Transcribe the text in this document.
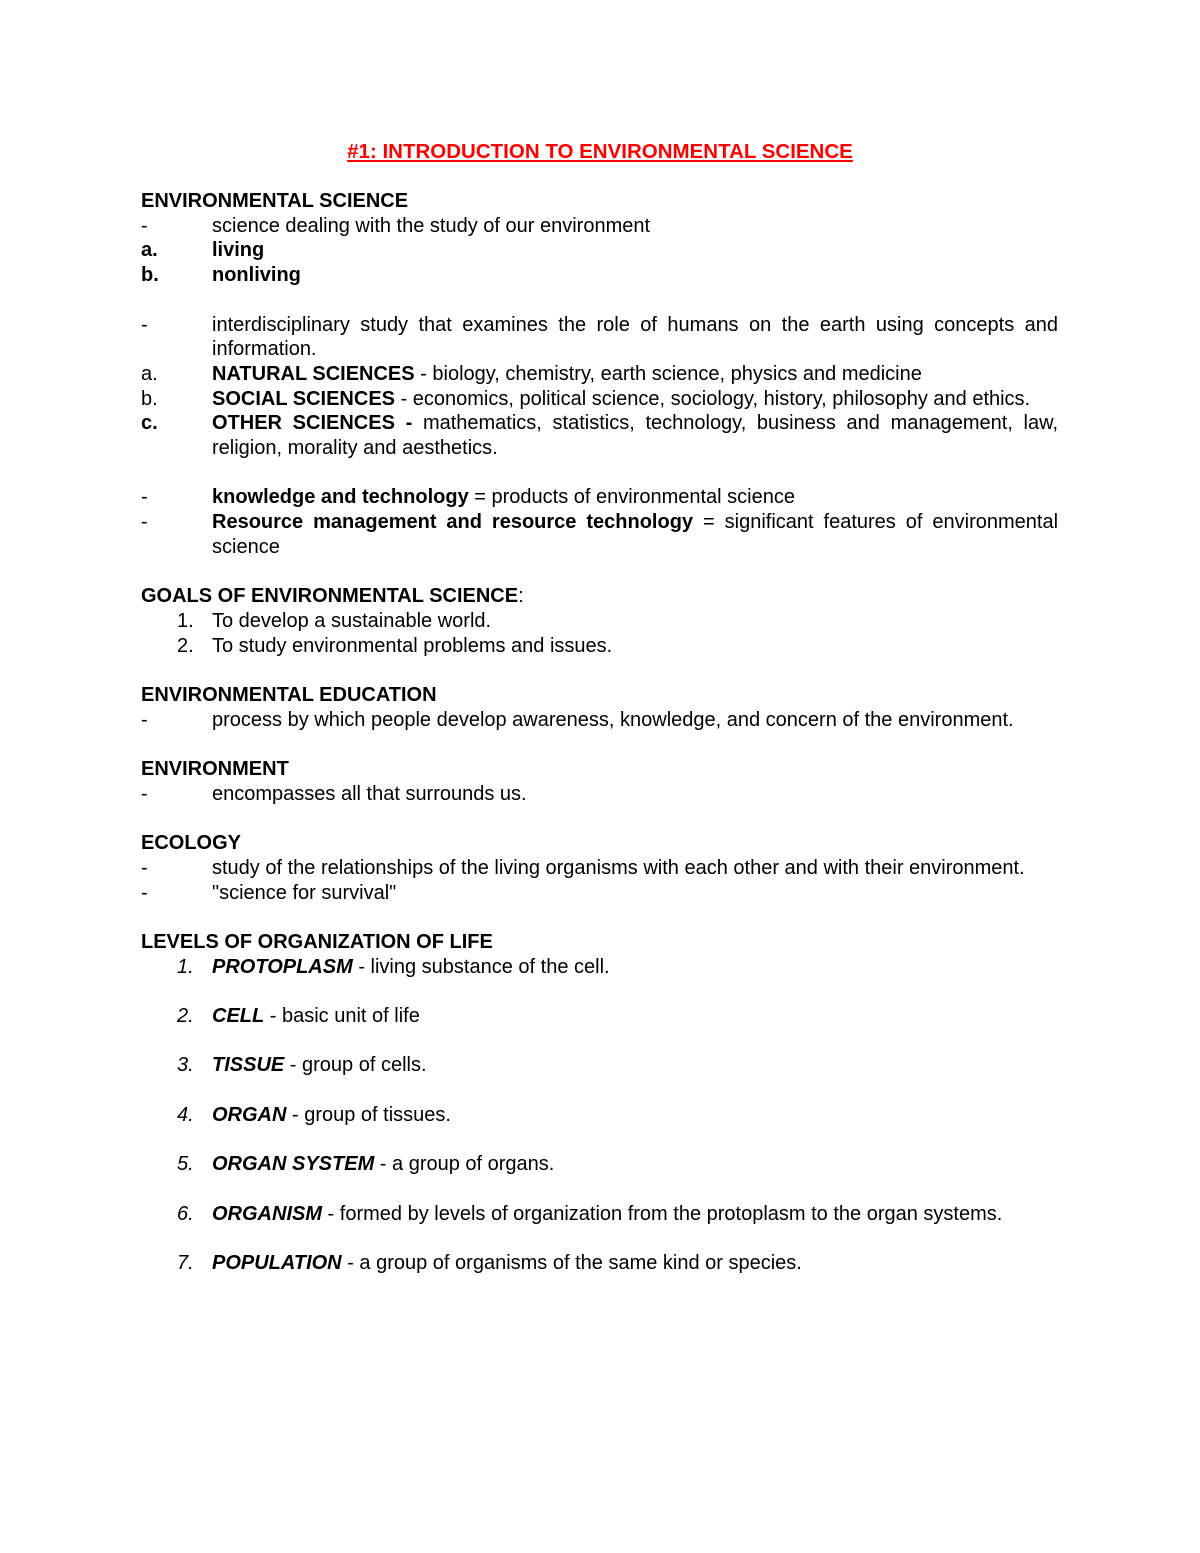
#1: INTRODUCTION TO ENVIRONMENTAL SCIENCE
ENVIRONMENTAL SCIENCE
-	science dealing with the study of our environment
a.	living
b.	nonliving
-	interdisciplinary study that examines the role of humans on the earth using concepts and information.
a.	NATURAL SCIENCES - biology, chemistry, earth science, physics and medicine
b.	SOCIAL SCIENCES - economics, political science, sociology, history, philosophy and ethics.
c.	OTHER SCIENCES - mathematics, statistics, technology, business and management, law, religion, morality and aesthetics.
-	knowledge and technology = products of environmental science
-	Resource management and resource technology = significant features of environmental science
GOALS OF ENVIRONMENTAL SCIENCE:
1. To develop a sustainable world.
2. To study environmental problems and issues.
ENVIRONMENTAL EDUCATION
-	process by which people develop awareness, knowledge, and concern of the environment.
ENVIRONMENT
-	encompasses all that surrounds us.
ECOLOGY
-	study of the relationships of the living organisms with each other and with their environment.
-	"science for survival"
LEVELS OF ORGANIZATION OF LIFE
1. PROTOPLASM - living substance of the cell.
2. CELL - basic unit of life
3. TISSUE - group of cells.
4. ORGAN - group of tissues.
5. ORGAN SYSTEM - a group of organs.
6. ORGANISM - formed by levels of organization from the protoplasm to the organ systems.
7. POPULATION - a group of organisms of the same kind or species.
